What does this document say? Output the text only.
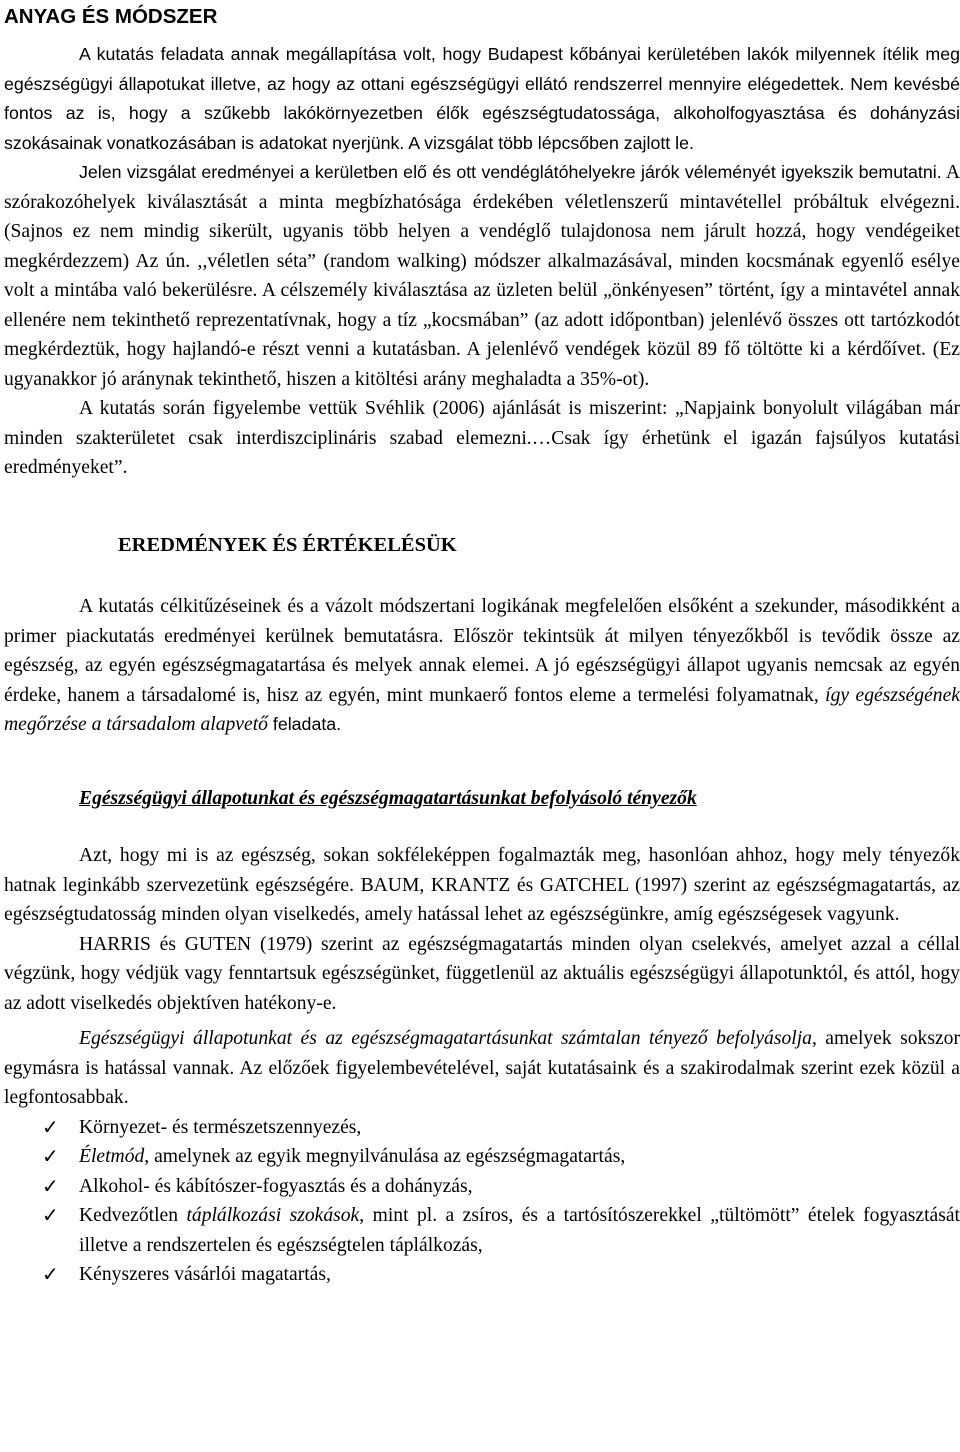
ANYAG ÉS MÓDSZER

A kutatás feladata annak megállapítása volt, hogy Budapest kőbányai kerületében lakók milyennek ítélik meg egészségügyi állapotukat illetve, az hogy az ottani egészségügyi ellátó rendszerrel mennyire elégedettek. Nem kevésbé fontos az is, hogy a szűkebb lakókörnyezetben élők egészségtudatossága, alkoholfogyasztása és dohányzási szokásainak vonatkozásában is adatokat nyerjünk. A vizsgálat több lépcsőben zajlott le.

Jelen vizsgálat eredményei a kerületben elő és ott vendéglátóhelyekre járók véleményét igyekszik bemutatni. A szórakozóhelyek kiválasztását a minta megbízhatósága érdekében véletlenszerű mintavétellel próbáltuk elvégezni. (Sajnos ez nem mindig sikerült, ugyanis több helyen a vendéglő tulajdonosa nem járult hozzá, hogy vendégeiket megkérdezzem) Az ún. ,,véletlen séta” (random walking) módszer alkalmazásával, minden kocsmának egyenlő esélye volt a mintába való bekerülésre. A célszemély kiválasztása az üzleten belül „önkényesen” történt, így a mintavétel annak ellenére nem tekinthető reprezentatívnak, hogy a tíz „kocsmában” (az adott időpontban) jelenlévő összes ott tartózkodót megkérdeztük, hogy hajlandó-e részt venni a kutatásban. A jelenlévő vendégek közül 89 fő töltötte ki a kérdőívet. (Ez ugyanakkor jó aránynak tekinthető, hiszen a kitöltési arány meghaladta a 35%-ot).

A kutatás során figyelembe vettük Svéhlik (2006) ajánlását is miszerint: „Napjaink bonyolult világában már minden szakterületet csak interdiszciplináris szabad elemezni.…Csak így érhetünk el igazán fajsúlyos kutatási eredményeket”.

EREDMÉNYEK ÉS ÉRTÉKELÉSÜK

A kutatás célkitűzéseinek és a vázolt módszertani logikának megfelelően elsőként a szekunder, másodikként a primer piackutatás eredményei kerülnek bemutatásra. Először tekintsük át milyen tényezőkből is tevődik össze az egészség, az egyén egészségmagatartása és melyek annak elemei. A jó egészségügyi állapot ugyanis nemcsak az egyén érdeke, hanem a társadalomé is, hisz az egyén, mint munkaerő fontos eleme a termelési folyamatnak, így egészségének megőrzése a társadalom alapvető feladata.

Egészségügyi állapotunkat és egészségmagatartásunkat befolyásoló tényezők

Azt, hogy mi is az egészség, sokan sokféleképpen fogalmazták meg, hasonlóan ahhoz, hogy mely tényezők hatnak leginkább szervezetünk egészségére. BAUM, KRANTZ és GATCHEL (1997) szerint az egészségmagatartás, az egészségtudatosság minden olyan viselkedés, amely hatással lehet az egészségünkre, amíg egészségesek vagyunk.

HARRIS és GUTEN (1979) szerint az egészségmagatartás minden olyan cselekvés, amelyet azzal a céllal végzünk, hogy védjük vagy fenntartsuk egészségünket, függetlenül az aktuális egészségügyi állapotunktól, és attól, hogy az adott viselkedés objektíven hatékony-e.

Egészségügyi állapotunkat és az egészségmagatartásunkat számtalan tényező befolyásolja, amelyek sokszor egymásra is hatással vannak. Az előzőek figyelembevételével, saját kutatásaink és a szakirodalmak szerint ezek közül a legfontosabbak.

✓ Környezet- és természetszennyezés,
✓ Életmód, amelynek az egyik megnyilvánulása az egészségmagatartás,
✓ Alkohol- és kábítószer-fogyasztás és a dohányzás,
✓ Kedvezőtlen táplálkozási szokások, mint pl. a zsíros, és a tartósítószerekkel „tültömött” ételek fogyasztását illetve a rendszertelen és egészségtelen táplálkozás,
✓ Kényszeres vásárlói magatartás,
